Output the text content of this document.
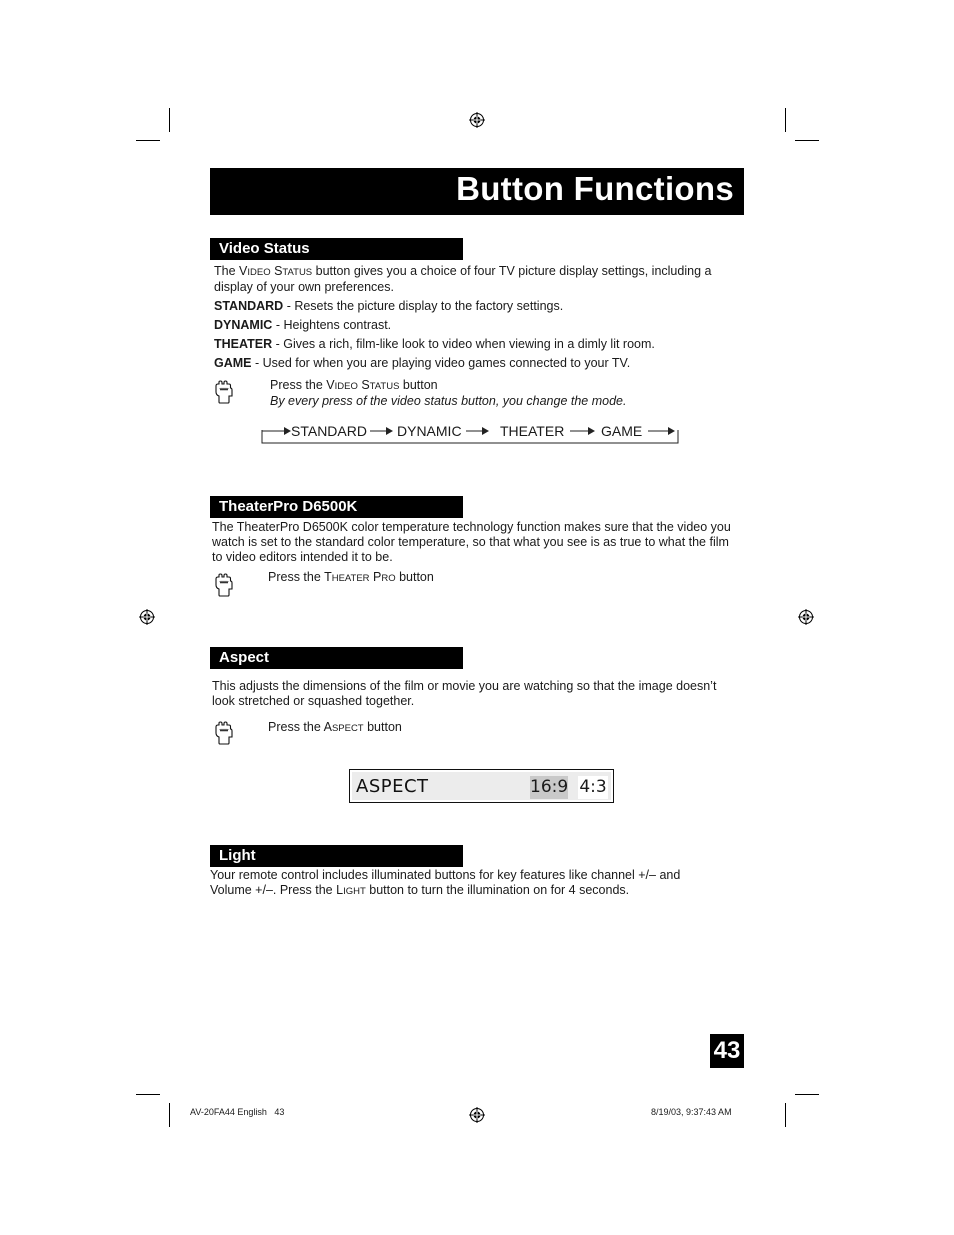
Button Functions
Video Status
The VIDEO STATUS button gives you a choice of four TV picture display settings, including a
display of your own preferences.
STANDARD - Resets the picture display to the factory settings.
DYNAMIC - Heightens contrast.
THEATER - Gives a rich, film-like look to video when viewing in a dimly lit room.
GAME - Used for when you are playing video games connected to your TV.
Press the VIDEO STATUS button
By every press of the video status button, you change the mode.
STANDARD DYNAMIC	THEATER	GAME
TheaterPro D6500K
The TheaterPro D6500K color temperature technology function makes sure that the video you
watch is set to the standard color temperature, so that what you see is as true to what the film
to video editors intended it to be.
Press the THEATER PRO button
Aspect
This adjusts the dimensions of the film or movie you are watching so that the image doesn’t
look stretched or squashed together.
Press the ASPECT button
ASPECT	16:9 4:3
Light
Your remote control includes illuminated buttons for key features like channel +/– and
Volume +/–. Press the LIGHT button to turn the illumination on for 4 seconds.
43
AV-20FA44 English   43	8/19/03, 9:37:43 AM
